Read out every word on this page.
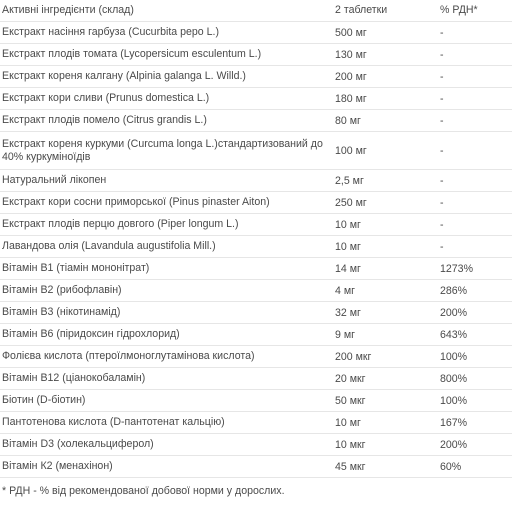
Активні інгредієнти (склад)	2 таблетки	% РДН*
Екстракт насіння гарбуза (Cucurbita pepo L.)	500 мг	-
Екстракт плодів томата (Lycopersicum esculentum L.)	130 мг	-
Екстракт кореня калгану (Alpinia galanga L. Willd.)	200 мг	-
Екстракт кори сливи (Prunus domestica L.)	180 мг	-
Екстракт плодів помело (Citrus grandis L.)	80 мг	-
Екстракт кореня куркуми (Curcuma longa L.)стандартизований до 40% куркуміноїдів	100 мг	-
Натуральний лікопен	2,5 мг	-
Екстракт кори сосни приморської (Pinus pinaster Aiton)	250 мг	-
Екстракт плодів перцю довгого (Piper longum L.)	10 мг	-
Лавандова олія (Lavandula augustifolia Mill.)	10 мг	-
Вітамін В1 (тіамін мононітрат)	14 мг	1273%
Вітамін В2 (рибофлавін)	4 мг	286%
Вітамін В3 (нікотинамід)	32 мг	200%
Вітамін В6 (піридоксин гідрохлорид)	9 мг	643%
Фолієва кислота (птероїлмоноглутамінова кислота)	200 мкг	100%
Вітамін В12 (ціанокобаламін)	20 мкг	800%
Біотин (D-біотин)	50 мкг	100%
Пантотенова кислота (D-пантотенат кальцію)	10 мг	167%
Вітамін D3 (холекальциферол)	10 мкг	200%
Вітамін К2 (менахінон)	45 мкг	60%
* РДН - % від рекомендованої добової норми у дорослих.
